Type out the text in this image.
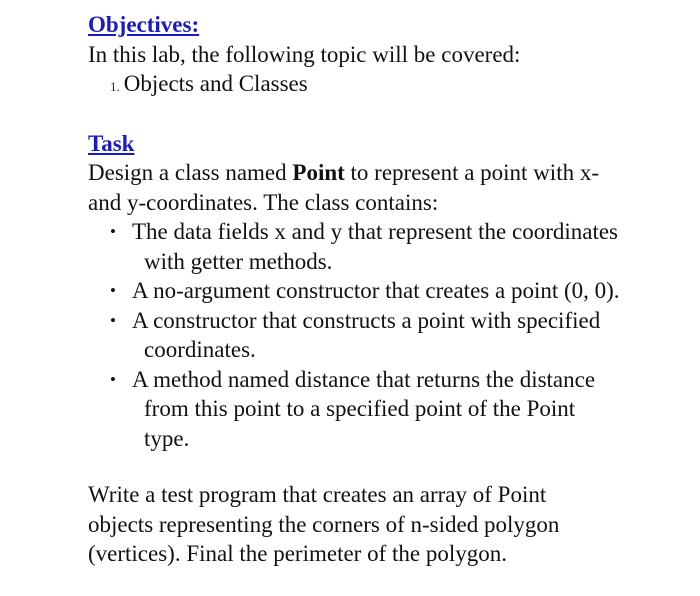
Objectives:
In this lab, the following topic will be covered:
1. Objects and Classes
Task
Design a class named Point to represent a point with x-
and y-coordinates. The class contains:
• The data fields x and y that represent the coordinates
with getter methods.
• A no-argument constructor that creates a point (0, 0).
• A constructor that constructs a point with specified
coordinates.
• A method named distance that returns the distance
from this point to a specified point of the Point
type.
Write a test program that creates an array of Point
objects representing the corners of n-sided polygon
(vertices). Final the perimeter of the polygon.
